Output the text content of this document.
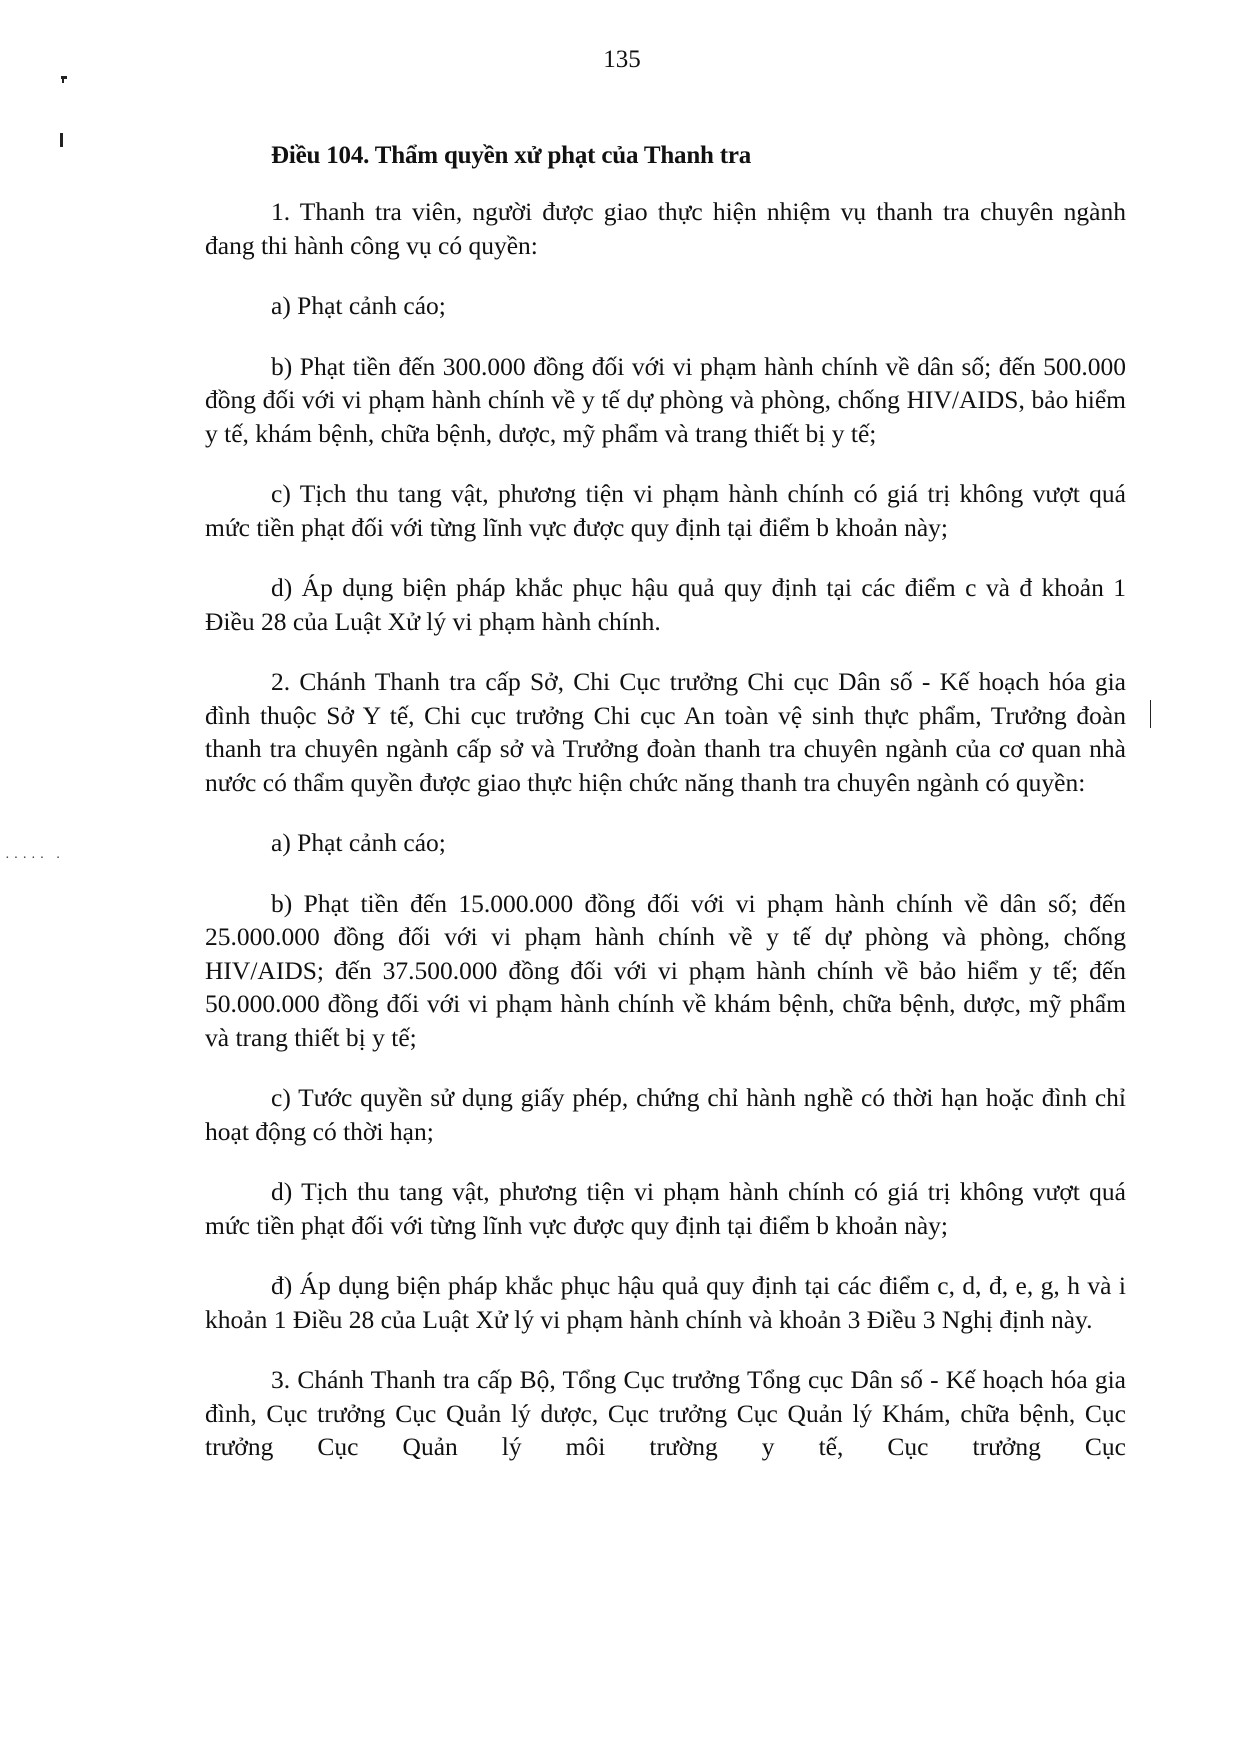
····· ·
135
Điều 104. Thẩm quyền xử phạt của Thanh tra

1. Thanh tra viên, người được giao thực hiện nhiệm vụ thanh tra chuyên ngành đang thi hành công vụ có quyền:

a) Phạt cảnh cáo;

b) Phạt tiền đến 300.000 đồng đối với vi phạm hành chính về dân số; đến 500.000 đồng đối với vi phạm hành chính về y tế dự phòng và phòng, chống HIV/AIDS, bảo hiểm y tế, khám bệnh, chữa bệnh, dược, mỹ phẩm và trang thiết bị y tế;

c) Tịch thu tang vật, phương tiện vi phạm hành chính có giá trị không vượt quá mức tiền phạt đối với từng lĩnh vực được quy định tại điểm b khoản này;

d) Áp dụng biện pháp khắc phục hậu quả quy định tại các điểm c và đ khoản 1 Điều 28 của Luật Xử lý vi phạm hành chính.

2. Chánh Thanh tra cấp Sở, Chi Cục trưởng Chi cục Dân số - Kế hoạch hóa gia đình thuộc Sở Y tế, Chi cục trưởng Chi cục An toàn vệ sinh thực phẩm, Trưởng đoàn thanh tra chuyên ngành cấp sở và Trưởng đoàn thanh tra chuyên ngành của cơ quan nhà nước có thẩm quyền được giao thực hiện chức năng thanh tra chuyên ngành có quyền:

a) Phạt cảnh cáo;

b) Phạt tiền đến 15.000.000 đồng đối với vi phạm hành chính về dân số; đến 25.000.000 đồng đối với vi phạm hành chính về y tế dự phòng và phòng, chống HIV/AIDS; đến 37.500.000 đồng đối với vi phạm hành chính về bảo hiểm y tế; đến 50.000.000 đồng đối với vi phạm hành chính về khám bệnh, chữa bệnh, dược, mỹ phẩm và trang thiết bị y tế;

c) Tước quyền sử dụng giấy phép, chứng chỉ hành nghề có thời hạn hoặc đình chỉ hoạt động có thời hạn;

d) Tịch thu tang vật, phương tiện vi phạm hành chính có giá trị không vượt quá mức tiền phạt đối với từng lĩnh vực được quy định tại điểm b khoản này;

đ) Áp dụng biện pháp khắc phục hậu quả quy định tại các điểm c, d, đ, e, g, h và i khoản 1 Điều 28 của Luật Xử lý vi phạm hành chính và khoản 3 Điều 3 Nghị định này.

3. Chánh Thanh tra cấp Bộ, Tổng Cục trưởng Tổng cục Dân số - Kế hoạch hóa gia đình, Cục trưởng Cục Quản lý dược, Cục trưởng Cục Quản lý Khám, chữa bệnh, Cục trưởng Cục Quản lý môi trường y tế, Cục trưởng Cục
